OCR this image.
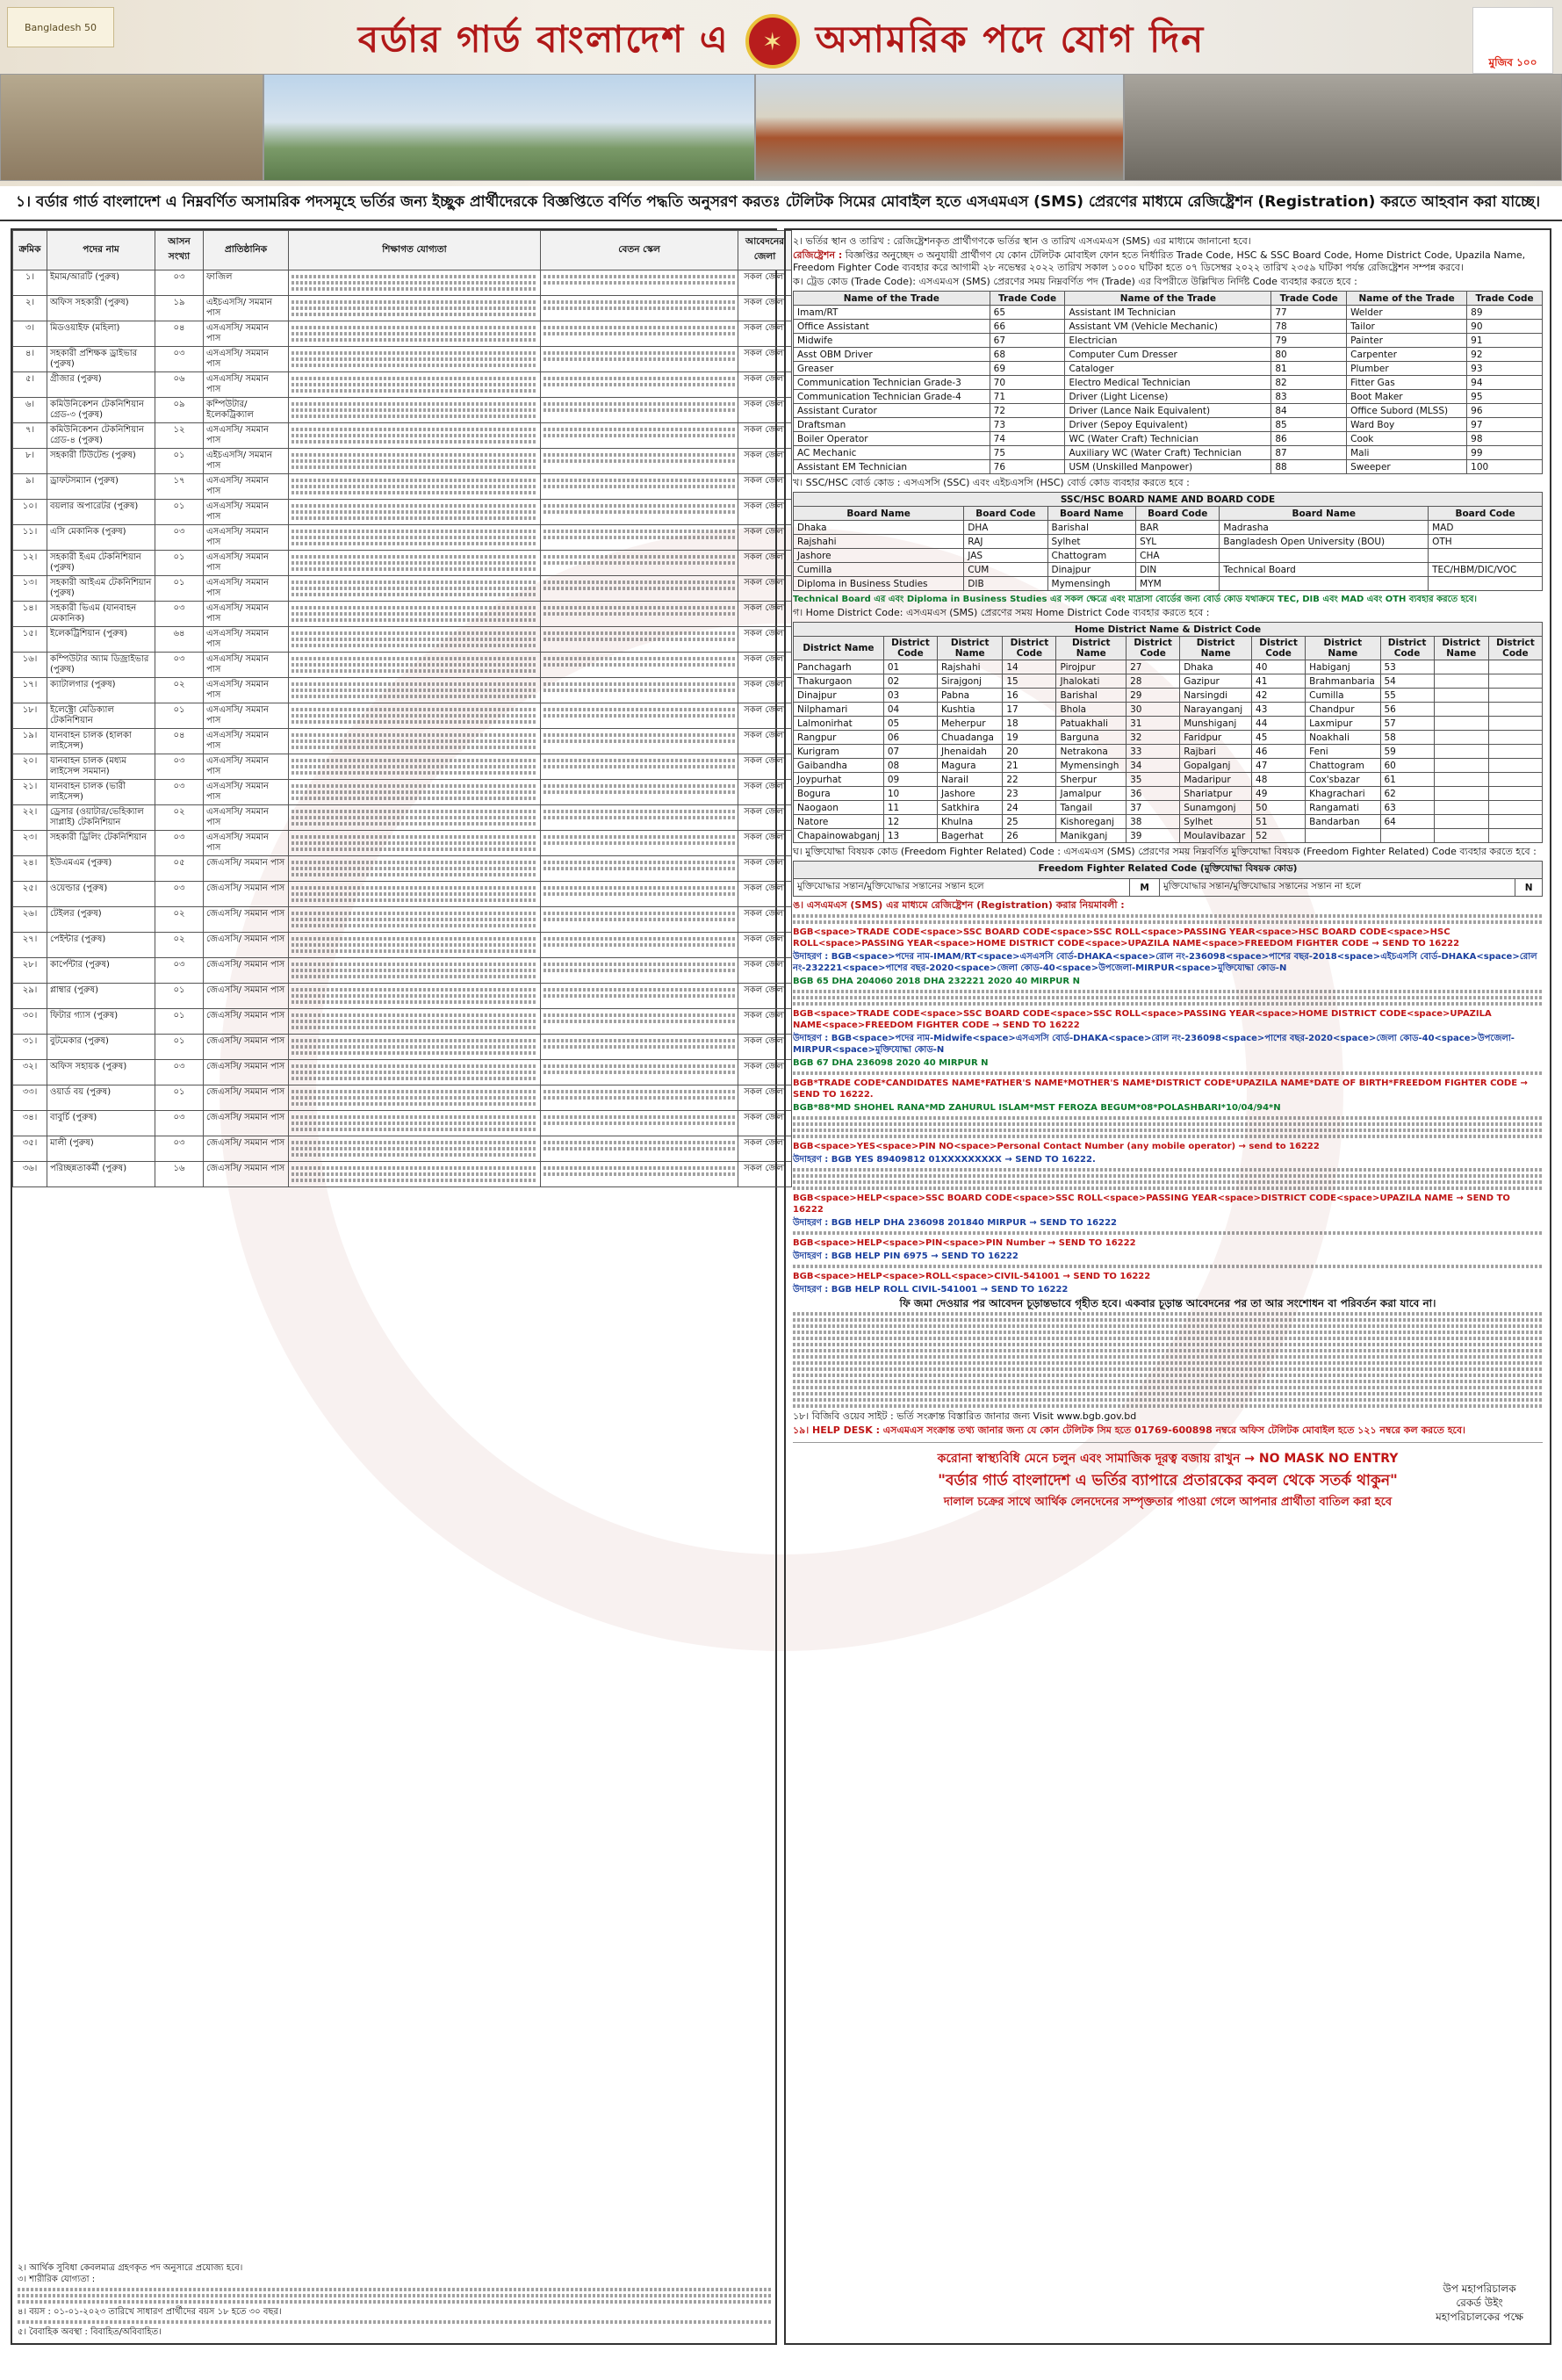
Bangladesh 50	বর্ডার গার্ড বাংলাদেশ এ ✶ অসামরিক পদে যোগ দিন
মুজিব ১০০
১। বর্ডার গার্ড বাংলাদেশ এ নিম্নবর্ণিত অসামরিক পদসমূহে ভর্তির জন্য ইচ্ছুক প্রার্থীদেরকে বিজ্ঞপ্তিতে বর্ণিত পদ্ধতি অনুসরণ করতঃ টেলিটক সিমের মোবাইল হতে এসএমএস (SMS) প্রেরণের মাধ্যমে রেজিষ্ট্রেশন (Registration) করতে আহবান করা যাচ্ছে।
ক্রমিক	পদের নাম	আসন সংখ্যা	প্রাতিষ্ঠানিক	শিক্ষাগত যোগ্যতা	বেতন স্কেল	আবেদনের জেলা
১।	ইমাম/আরটি (পুরুষ)	০৩	ফাজিল			সকল জেলা
২।	অফিস সহকারী (পুরুষ)	১৯	এইচএসসি/ সমমান পাস			সকল জেলা
৩।	মিডওয়াইফ (মহিলা)	০৪	এসএসসি/ সমমান পাস			সকল জেলা
৪।	সহকারী প্রশিক্ষক ড্রাইভার (পুরুষ)	০৩	এসএসসি/ সমমান পাস			সকল জেলা
৫।	গ্রীজার (পুরুষ)	০৬	এসএসসি/ সমমান পাস			সকল জেলা
৬।	কমিউনিকেশন টেকনিশিয়ান গ্রেড-৩ (পুরুষ)	০৯	কম্পিউটার/ ইলেকট্রিক্যাল			সকল জেলা
৭।	কমিউনিকেশন টেকনিশিয়ান গ্রেড-৪ (পুরুষ)	১২	এসএসসি/ সমমান পাস			সকল জেলা
৮।	সহকারী টিউটেন্ড (পুরুষ)	০১	এইচএসসি/ সমমান পাস			সকল জেলা
৯।	ড্রাফটসম্যান (পুরুষ)	১৭	এসএসসি/ সমমান পাস			সকল জেলা
১০।	বয়লার অপারেটর (পুরুষ)	০১	এসএসসি/ সমমান পাস			সকল জেলা
১১।	এসি মেকানিক (পুরুষ)	০৩	এসএসসি/ সমমান পাস			সকল জেলা
১২।	সহকারী ইএম টেকনিশিয়ান (পুরুষ)	০১	এসএসসি/ সমমান পাস			সকল জেলা
১৩।	সহকারী আইএম টেকনিশিয়ান (পুরুষ)	০১	এসএসসি/ সমমান পাস			সকল জেলা
১৪।	সহকারী ভিএম (যানবাহন মেকানিক)	০৩	এসএসসি/ সমমান পাস			সকল জেলা
১৫।	ইলেকট্রিশিয়ান (পুরুষ)	৬৪	এসএসসি/ সমমান পাস			সকল জেলা
১৬।	কম্পিউটার অ্যাম ডিজ্রাইভার (পুরুষ)	০৩	এসএসসি/ সমমান পাস			সকল জেলা
১৭।	ক্যাটালগার (পুরুষ)	০২	এসএসসি/ সমমান পাস			সকল জেলা
১৮।	ইলেক্ট্রো মেডিক্যাল টেকনিশিয়ান	০১	এসএসসি/ সমমান পাস			সকল জেলা
১৯।	যানবাহন চালক (হালকা লাইসেন্স)	০৪	এসএসসি/ সমমান পাস			সকল জেলা
২০।	যানবাহন চালক (মধ্যম লাইসেন্স সমমান)	০৩	এসএসসি/ সমমান পাস			সকল জেলা
২১।	যানবাহন চালক (ভারী লাইসেন্স)	০৩	এসএসসি/ সমমান পাস			সকল জেলা
২২।	ড্রেসার (ওয়াটার/ভেহিক্যাল সাপ্লাই) টেকনিশিয়ান	০২	এসএসসি/ সমমান পাস			সকল জেলা
২৩।	সহকারী ড্রিলিং টেকনিশিয়ান	০৩	এসএসসি/ সমমান পাস			সকল জেলা
২৪।	ইউএমএম (পুরুষ)	০৫	জেএসসি/ সমমান পাস			সকল জেলা
২৫।	ওয়েল্ডার (পুরুষ)	০৩	জেএসসি/ সমমান পাস			সকল জেলা
২৬।	টেইলর (পুরুষ)	০২	জেএসসি/ সমমান পাস			সকল জেলা
২৭।	পেইন্টার (পুরুষ)	০২	জেএসসি/ সমমান পাস			সকল জেলা
২৮।	কার্পেন্টার (পুরুষ)	০৩	জেএসসি/ সমমান পাস			সকল জেলা
২৯।	প্লাম্বার (পুরুষ)	০১	জেএসসি/ সমমান পাস			সকল জেলা
৩০।	ফিটার গ্যাস (পুরুষ)	০১	জেএসসি/ সমমান পাস			সকল জেলা
৩১।	বুটমেকার (পুরুষ)	০১	জেএসসি/ সমমান পাস			সকল জেলা
৩২।	অফিস সহায়ক (পুরুষ)	০৩	জেএসসি/ সমমান পাস			সকল জেলা
৩৩।	ওয়ার্ড বয় (পুরুষ)	০১	জেএসসি/ সমমান পাস			সকল জেলা
৩৪।	বাবুর্চি (পুরুষ)	০৩	জেএসসি/ সমমান পাস			সকল জেলা
৩৫।	মালী (পুরুষ)	০৩	জেএসসি/ সমমান পাস			সকল জেলা
৩৬।	পরিচ্ছন্নতাকর্মী (পুরুষ)	১৬	জেএসসি/ সমমান পাস			সকল জেলা
২। আর্থিক সুবিধা কেবলমাত্র গ্রহণকৃত পদ অনুসারে প্রযোজ্য হবে।
৩। শারীরিক যোগ্যতা :
৪। বয়স : ০১-০১-২০২৩ তারিখে সাধারণ প্রার্থীদের বয়স ১৮ হতে ৩০ বছর।
৫। বৈবাহিক অবস্থা : বিবাহিত/অবিবাহিত।
২। ভর্তির স্থান ও তারিখ : রেজিষ্ট্রেশনকৃত প্রার্থীগণকে ভর্তির স্থান ও তারিখ এসএমএস (SMS) এর মাধ্যমে জানানো হবে।
রেজিষ্ট্রেশন : বিজ্ঞপ্তির অনুচ্ছেদ ৩ অনুযায়ী প্রার্থীগণ যে কোন টেলিটক মোবাইল ফোন হতে নির্ধারিত Trade Code, HSC & SSC Board Code, Home District Code, Upazila Name, Freedom Fighter Code ব্যবহার করে আগামী ২৮ নভেম্বর ২০২২ তারিখ সকাল ১০০০ ঘটিকা হতে ০৭ ডিসেম্বর ২০২২ তারিখ ২৩৫৯ ঘটিকা পর্যন্ত রেজিষ্ট্রেশন সম্পন্ন করবে।
ক। ট্রেড কোড (Trade Code): এসএমএস (SMS) প্রেরণের সময় নিম্নবর্ণিত পদ (Trade) এর বিপরীতে উল্লিখিত নির্দিষ্ট Code ব্যবহার করতে হবে :
Name of the Trade	Trade Code	Name of the Trade	Trade Code	Name of the Trade	Trade Code
Imam/RT	65	Assistant IM Technician	77	Welder	89
Office Assistant	66	Assistant VM (Vehicle Mechanic)	78	Tailor	90
Midwife	67	Electrician	79	Painter	91
Asst OBM Driver	68	Computer Cum Dresser	80	Carpenter	92
Greaser	69	Cataloger	81	Plumber	93
Communication Technician Grade-3	70	Electro Medical Technician	82	Fitter Gas	94
Communication Technician Grade-4	71	Driver (Light License)	83	Boot Maker	95
Assistant Curator	72	Driver (Lance Naik Equivalent)	84	Office Subord (MLSS)	96
Draftsman	73	Driver (Sepoy Equivalent)	85	Ward Boy	97
Boiler Operator	74	WC (Water Craft) Technician	86	Cook	98
AC Mechanic	75	Auxiliary WC (Water Craft) Technician	87	Mali	99
Assistant EM Technician	76	USM (Unskilled Manpower)	88	Sweeper	100
খ। SSC/HSC বোর্ড কোড : এসএসসি (SSC) এবং এইচএসসি (HSC) বোর্ড কোড ব্যবহার করতে হবে :
SSC/HSC BOARD NAME AND BOARD CODE					
Board Name	Board Code	Board Name	Board Code	Board Name	Board Code
Dhaka	DHA	Barishal	BAR	Madrasha	MAD
Rajshahi	RAJ	Sylhet	SYL	Bangladesh Open University (BOU)	OTH
Jashore	JAS	Chattogram	CHA		
Cumilla	CUM	Dinajpur	DIN	Technical Board	TEC/HBM/DIC/VOC
Diploma in Business Studies	DIB	Mymensingh	MYM		
Technical Board এর এবং Diploma in Business Studies এর সকল ক্ষেত্রে এবং মাদ্রাসা বোর্ডের জন্য বোর্ড কোড যথাক্রমে TEC, DIB এবং MAD এবং OTH ব্যবহার করতে হবে।
গ। Home District Code: এসএমএস (SMS) প্রেরণের সময় Home District Code ব্যবহার করতে হবে :
Home District Name & District Code											
District Name	District Code	District Name	District Code	District Name	District Code	District Name	District Code	District Name	District Code	District Name	District Code
Panchagarh	01	Rajshahi	14	Pirojpur	27	Dhaka	40	Habiganj	53		
Thakurgaon	02	Sirajgonj	15	Jhalokati	28	Gazipur	41	Brahmanbaria	54		
Dinajpur	03	Pabna	16	Barishal	29	Narsingdi	42	Cumilla	55		
Nilphamari	04	Kushtia	17	Bhola	30	Narayanganj	43	Chandpur	56		
Lalmonirhat	05	Meherpur	18	Patuakhali	31	Munshiganj	44	Laxmipur	57		
Rangpur	06	Chuadanga	19	Barguna	32	Faridpur	45	Noakhali	58		
Kurigram	07	Jhenaidah	20	Netrakona	33	Rajbari	46	Feni	59		
Gaibandha	08	Magura	21	Mymensingh	34	Gopalganj	47	Chattogram	60		
Joypurhat	09	Narail	22	Sherpur	35	Madaripur	48	Cox'sbazar	61		
Bogura	10	Jashore	23	Jamalpur	36	Shariatpur	49	Khagrachari	62		
Naogaon	11	Satkhira	24	Tangail	37	Sunamgonj	50	Rangamati	63		
Natore	12	Khulna	25	Kishoreganj	38	Sylhet	51	Bandarban	64		
Chapainowabganj	13	Bagerhat	26	Manikganj	39	Moulavibazar	52				
ঘ। মুক্তিযোদ্ধা বিষয়ক কোড (Freedom Fighter Related) Code : এসএমএস (SMS) প্রেরণের সময় নিম্নবর্ণিত মুক্তিযোদ্ধা বিষয়ক (Freedom Fighter Related) Code ব্যবহার করতে হবে :
Freedom Fighter Related Code (মুক্তিযোদ্ধা বিষয়ক কোড)
মুক্তিযোদ্ধার সন্তান/মুক্তিযোদ্ধার সন্তানের সন্তান হলে	M	মুক্তিযোদ্ধার সন্তান/মুক্তিযোদ্ধার সন্তানের সন্তান না হলে	N
ঙ। এসএমএস (SMS) এর মাধ্যমে রেজিষ্ট্রেশন (Registration) করার নিয়মাবলী :
BGB<space>TRADE CODE<space>SSC BOARD CODE<space>SSC ROLL<space>PASSING YEAR<space>HSC BOARD CODE<space>HSC ROLL<space>PASSING YEAR<space>HOME DISTRICT CODE<space>UPAZILA NAME<space>FREEDOM FIGHTER CODE → SEND TO 16222
উদাহরণ : BGB<space>পদের নাম-IMAM/RT<space>এসএসসি বোর্ড-DHAKA<space>রোল নং-236098<space>পাশের বছর-2018<space>এইচএসসি বোর্ড-DHAKA<space>রোল নং-232221<space>পাশের বছর-2020<space>জেলা কোড-40<space>উপজেলা-MIRPUR<space>মুক্তিযোদ্ধা কোড-N
BGB 65 DHA 204060 2018 DHA 232221 2020 40 MIRPUR N
BGB<space>TRADE CODE<space>SSC BOARD CODE<space>SSC ROLL<space>PASSING YEAR<space>HOME DISTRICT CODE<space>UPAZILA NAME<space>FREEDOM FIGHTER CODE → SEND TO 16222
উদাহরণ : BGB<space>পদের নাম-Midwife<space>এসএসসি বোর্ড-DHAKA<space>রোল নং-236098<space>পাশের বছর-2020<space>জেলা কোড-40<space>উপজেলা-MIRPUR<space>মুক্তিযোদ্ধা কোড-N
BGB 67 DHA 236098 2020 40 MIRPUR N
BGB*TRADE CODE*CANDIDATES NAME*FATHER'S NAME*MOTHER'S NAME*DISTRICT CODE*UPAZILA NAME*DATE OF BIRTH*FREEDOM FIGHTER CODE → SEND TO 16222.
BGB*88*MD SHOHEL RANA*MD ZAHURUL ISLAM*MST FEROZA BEGUM*08*POLASHBARI*10/04/94*N
BGB<space>YES<space>PIN NO<space>Personal Contact Number (any mobile operator) → send to 16222
উদাহরণ : BGB YES 89409812 01XXXXXXXXX → SEND TO 16222.
BGB<space>HELP<space>SSC BOARD CODE<space>SSC ROLL<space>PASSING YEAR<space>DISTRICT CODE<space>UPAZILA NAME → SEND TO 16222
উদাহরণ : BGB HELP DHA 236098 201840 MIRPUR → SEND TO 16222
BGB<space>HELP<space>PIN<space>PIN Number → SEND TO 16222
উদাহরণ : BGB HELP PIN 6975 → SEND TO 16222
BGB<space>HELP<space>ROLL<space>CIVIL-541001 → SEND TO 16222
উদাহরণ : BGB HELP ROLL CIVIL-541001 → SEND TO 16222
ফি জমা দেওয়ার পর আবেদন চূড়ান্তভাবে গৃহীত হবে। একবার চূড়ান্ত আবেদনের পর তা আর সংশোধন বা পরিবর্তন করা যাবে না।
১৮। বিজিবি ওয়েব সাইট : ভর্তি সংক্রান্ত বিস্তারিত জানার জন্য Visit www.bgb.gov.bd
১৯। HELP DESK : এসএমএস সংক্রান্ত তথ্য জানার জন্য যে কোন টেলিটক সিম হতে 01769-600898 নম্বরে অফিস টেলিটক মোবাইল হতে ১২১ নম্বরে কল করতে হবে।
করোনা স্বাস্থ্যবিধি মেনে চলুন এবং সামাজিক দূরত্ব বজায় রাখুন → NO MASK NO ENTRY
"বর্ডার গার্ড বাংলাদেশ এ ভর্তির ব্যাপারে প্রতারকের কবল থেকে সতর্ক থাকুন"
দালাল চক্রের সাথে আর্থিক লেনদেনের সম্পৃক্ততার পাওয়া গেলে আপনার প্রার্থীতা বাতিল করা হবে
উপ মহাপরিচালক
রেকর্ড উইং
মহাপরিচালকের পক্ষে
